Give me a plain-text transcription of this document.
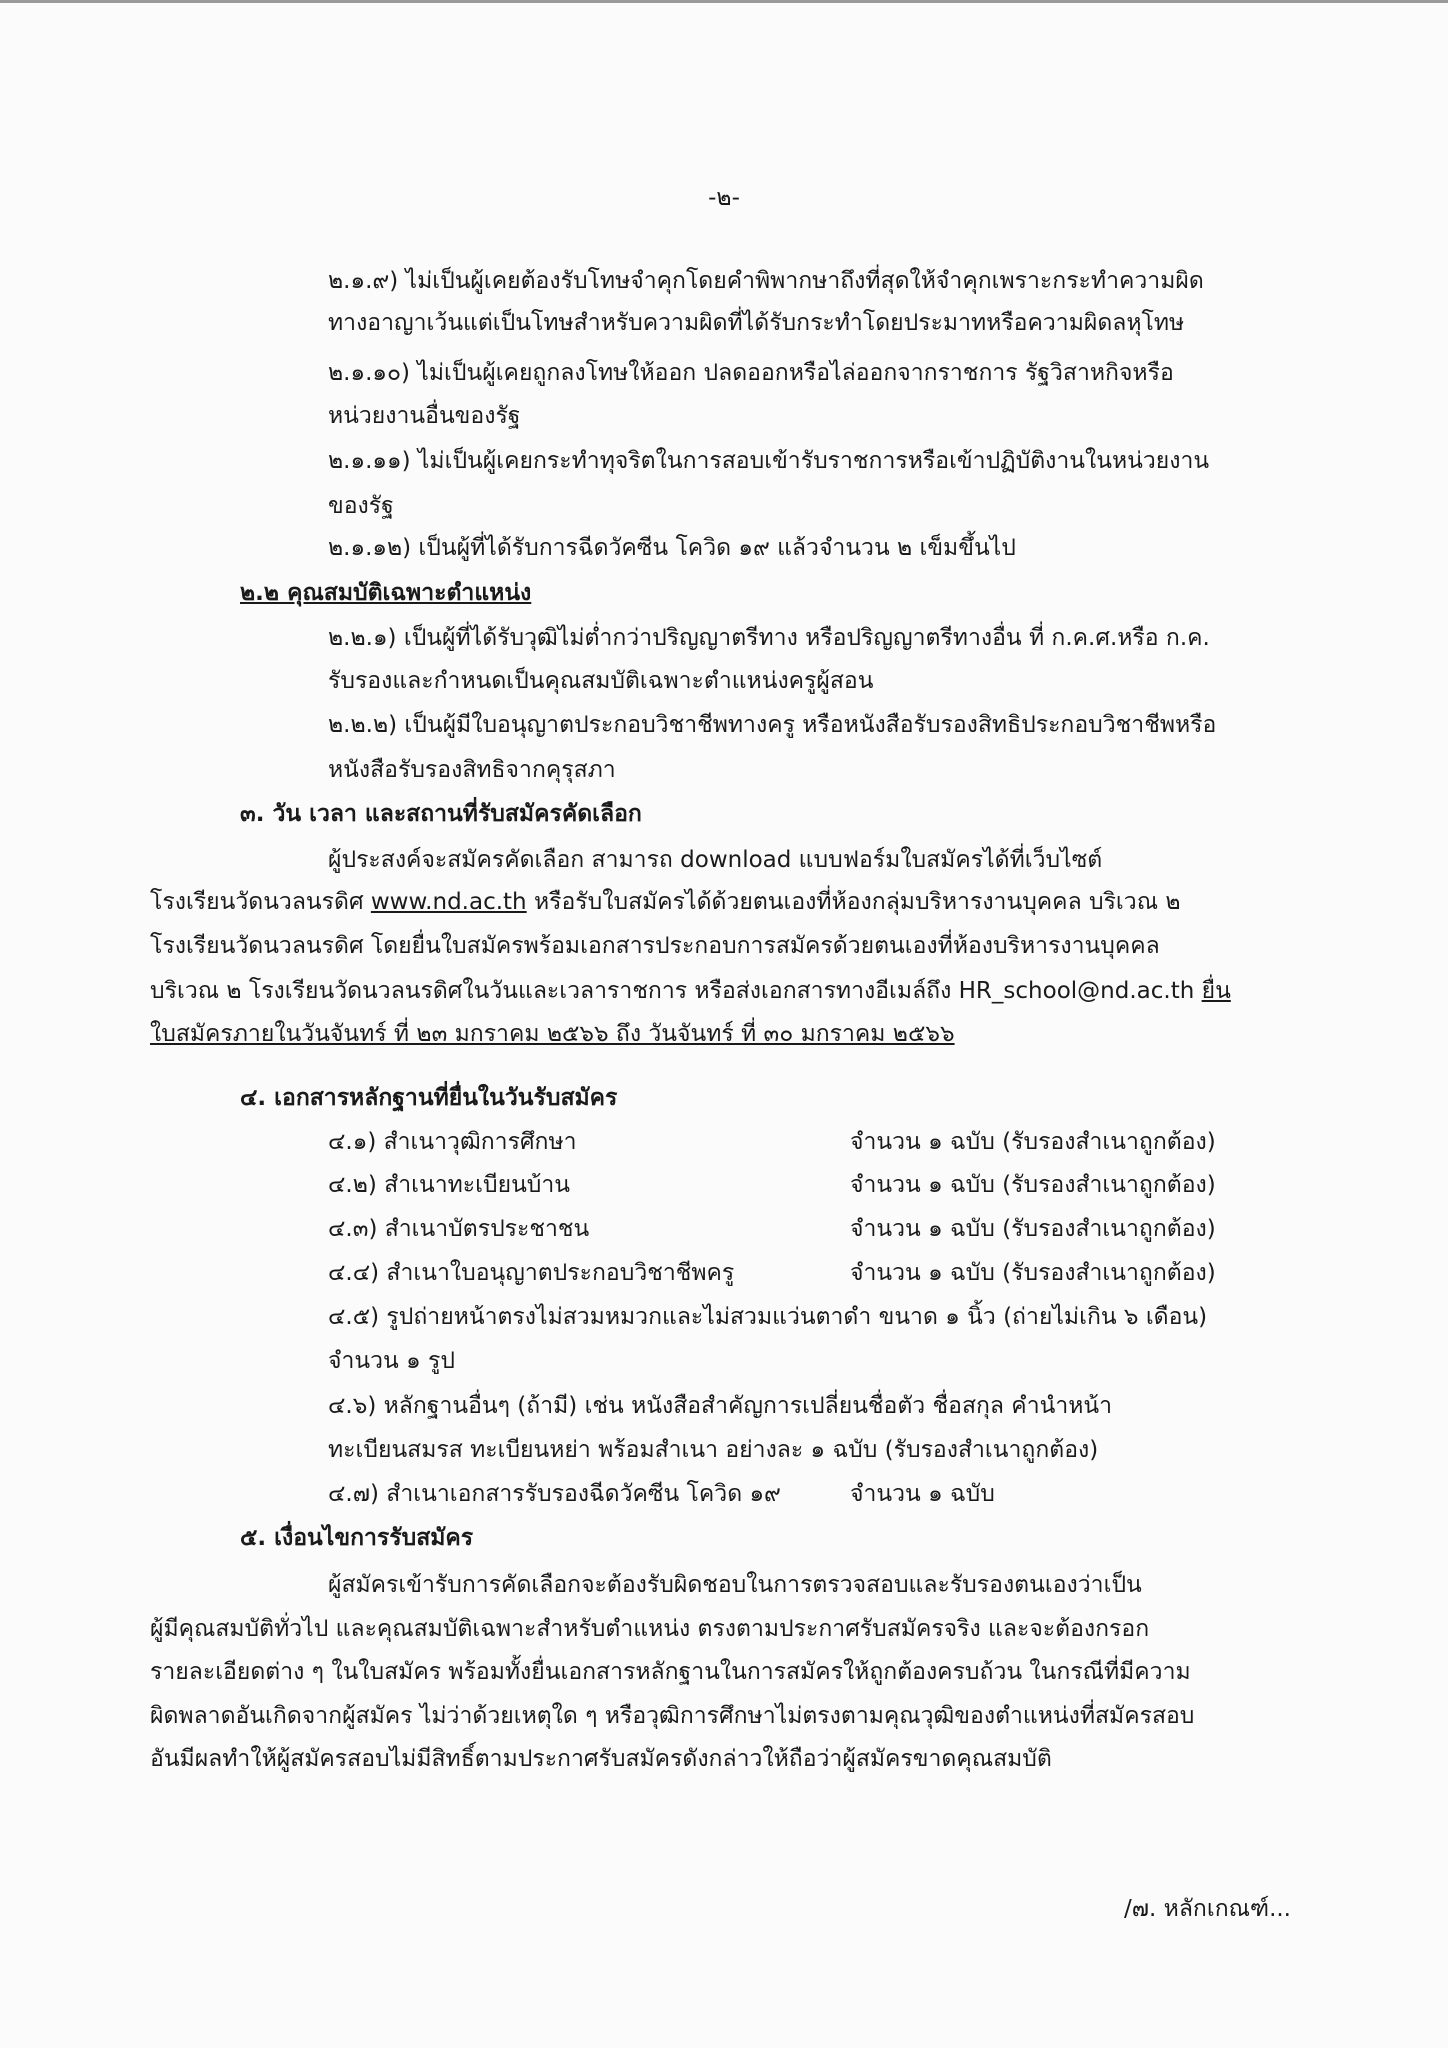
-๒-
๒.๑.๙) ไม่เป็นผู้เคยต้องรับโทษจำคุกโดยคำพิพากษาถึงที่สุดให้จำคุกเพราะกระทำความผิด
ทางอาญาเว้นแต่เป็นโทษสำหรับความผิดที่ได้รับกระทำโดยประมาทหรือความผิดลหุโทษ
๒.๑.๑๐) ไม่เป็นผู้เคยถูกลงโทษให้ออก ปลดออกหรือไล่ออกจากราชการ รัฐวิสาหกิจหรือ
หน่วยงานอื่นของรัฐ
๒.๑.๑๑) ไม่เป็นผู้เคยกระทำทุจริตในการสอบเข้ารับราชการหรือเข้าปฏิบัติงานในหน่วยงาน
ของรัฐ
๒.๑.๑๒) เป็นผู้ที่ได้รับการฉีดวัคซีน โควิด ๑๙ แล้วจำนวน ๒ เข็มขึ้นไป
๒.๒ คุณสมบัติเฉพาะตำแหน่ง
๒.๒.๑) เป็นผู้ที่ได้รับวุฒิไม่ต่ำกว่าปริญญาตรีทาง หรือปริญญาตรีทางอื่น ที่ ก.ค.ศ.หรือ ก.ค.
รับรองและกำหนดเป็นคุณสมบัติเฉพาะตำแหน่งครูผู้สอน
๒.๒.๒) เป็นผู้มีใบอนุญาตประกอบวิชาชีพทางครู หรือหนังสือรับรองสิทธิประกอบวิชาชีพหรือ
หนังสือรับรองสิทธิจากคุรุสภา
๓. วัน เวลา และสถานที่รับสมัครคัดเลือก
ผู้ประสงค์จะสมัครคัดเลือก สามารถ download แบบฟอร์มใบสมัครได้ที่เว็บไซต์
โรงเรียนวัดนวลนรดิศ www.nd.ac.th หรือรับใบสมัครได้ด้วยตนเองที่ห้องกลุ่มบริหารงานบุคคล บริเวณ ๒
โรงเรียนวัดนวลนรดิศ โดยยื่นใบสมัครพร้อมเอกสารประกอบการสมัครด้วยตนเองที่ห้องบริหารงานบุคคล
บริเวณ ๒ โรงเรียนวัดนวลนรดิศในวันและเวลาราชการ หรือส่งเอกสารทางอีเมล์ถึง HR_school@nd.ac.th ยื่น
ใบสมัครภายในวันจันทร์ ที่ ๒๓ มกราคม ๒๕๖๖ ถึง วันจันทร์ ที่ ๓๐ มกราคม ๒๕๖๖
๔. เอกสารหลักฐานที่ยื่นในวันรับสมัคร
๔.๑) สำเนาวุฒิการศึกษา	จำนวน ๑ ฉบับ (รับรองสำเนาถูกต้อง)
๔.๒) สำเนาทะเบียนบ้าน	จำนวน ๑ ฉบับ (รับรองสำเนาถูกต้อง)
๔.๓) สำเนาบัตรประชาชน	จำนวน ๑ ฉบับ (รับรองสำเนาถูกต้อง)
๔.๔) สำเนาใบอนุญาตประกอบวิชาชีพครู	จำนวน ๑ ฉบับ (รับรองสำเนาถูกต้อง)
๔.๕) รูปถ่ายหน้าตรงไม่สวมหมวกและไม่สวมแว่นตาดำ ขนาด ๑ นิ้ว (ถ่ายไม่เกิน ๖ เดือน)
จำนวน ๑ รูป
๔.๖) หลักฐานอื่นๆ (ถ้ามี) เช่น หนังสือสำคัญการเปลี่ยนชื่อตัว ชื่อสกุล คำนำหน้า
ทะเบียนสมรส ทะเบียนหย่า พร้อมสำเนา อย่างละ ๑ ฉบับ (รับรองสำเนาถูกต้อง)
๔.๗) สำเนาเอกสารรับรองฉีดวัคซีน โควิด ๑๙	จำนวน ๑ ฉบับ
๕. เงื่อนไขการรับสมัคร
ผู้สมัครเข้ารับการคัดเลือกจะต้องรับผิดชอบในการตรวจสอบและรับรองตนเองว่าเป็น
ผู้มีคุณสมบัติทั่วไป และคุณสมบัติเฉพาะสำหรับตำแหน่ง ตรงตามประกาศรับสมัครจริง และจะต้องกรอก
รายละเอียดต่าง ๆ ในใบสมัคร พร้อมทั้งยื่นเอกสารหลักฐานในการสมัครให้ถูกต้องครบถ้วน ในกรณีที่มีความ
ผิดพลาดอันเกิดจากผู้สมัคร ไม่ว่าด้วยเหตุใด ๆ หรือวุฒิการศึกษาไม่ตรงตามคุณวุฒิของตำแหน่งที่สมัครสอบ
อันมีผลทำให้ผู้สมัครสอบไม่มีสิทธิ์ตามประกาศรับสมัครดังกล่าวให้ถือว่าผู้สมัครขาดคุณสมบัติ
/๗. หลักเกณฑ์...
